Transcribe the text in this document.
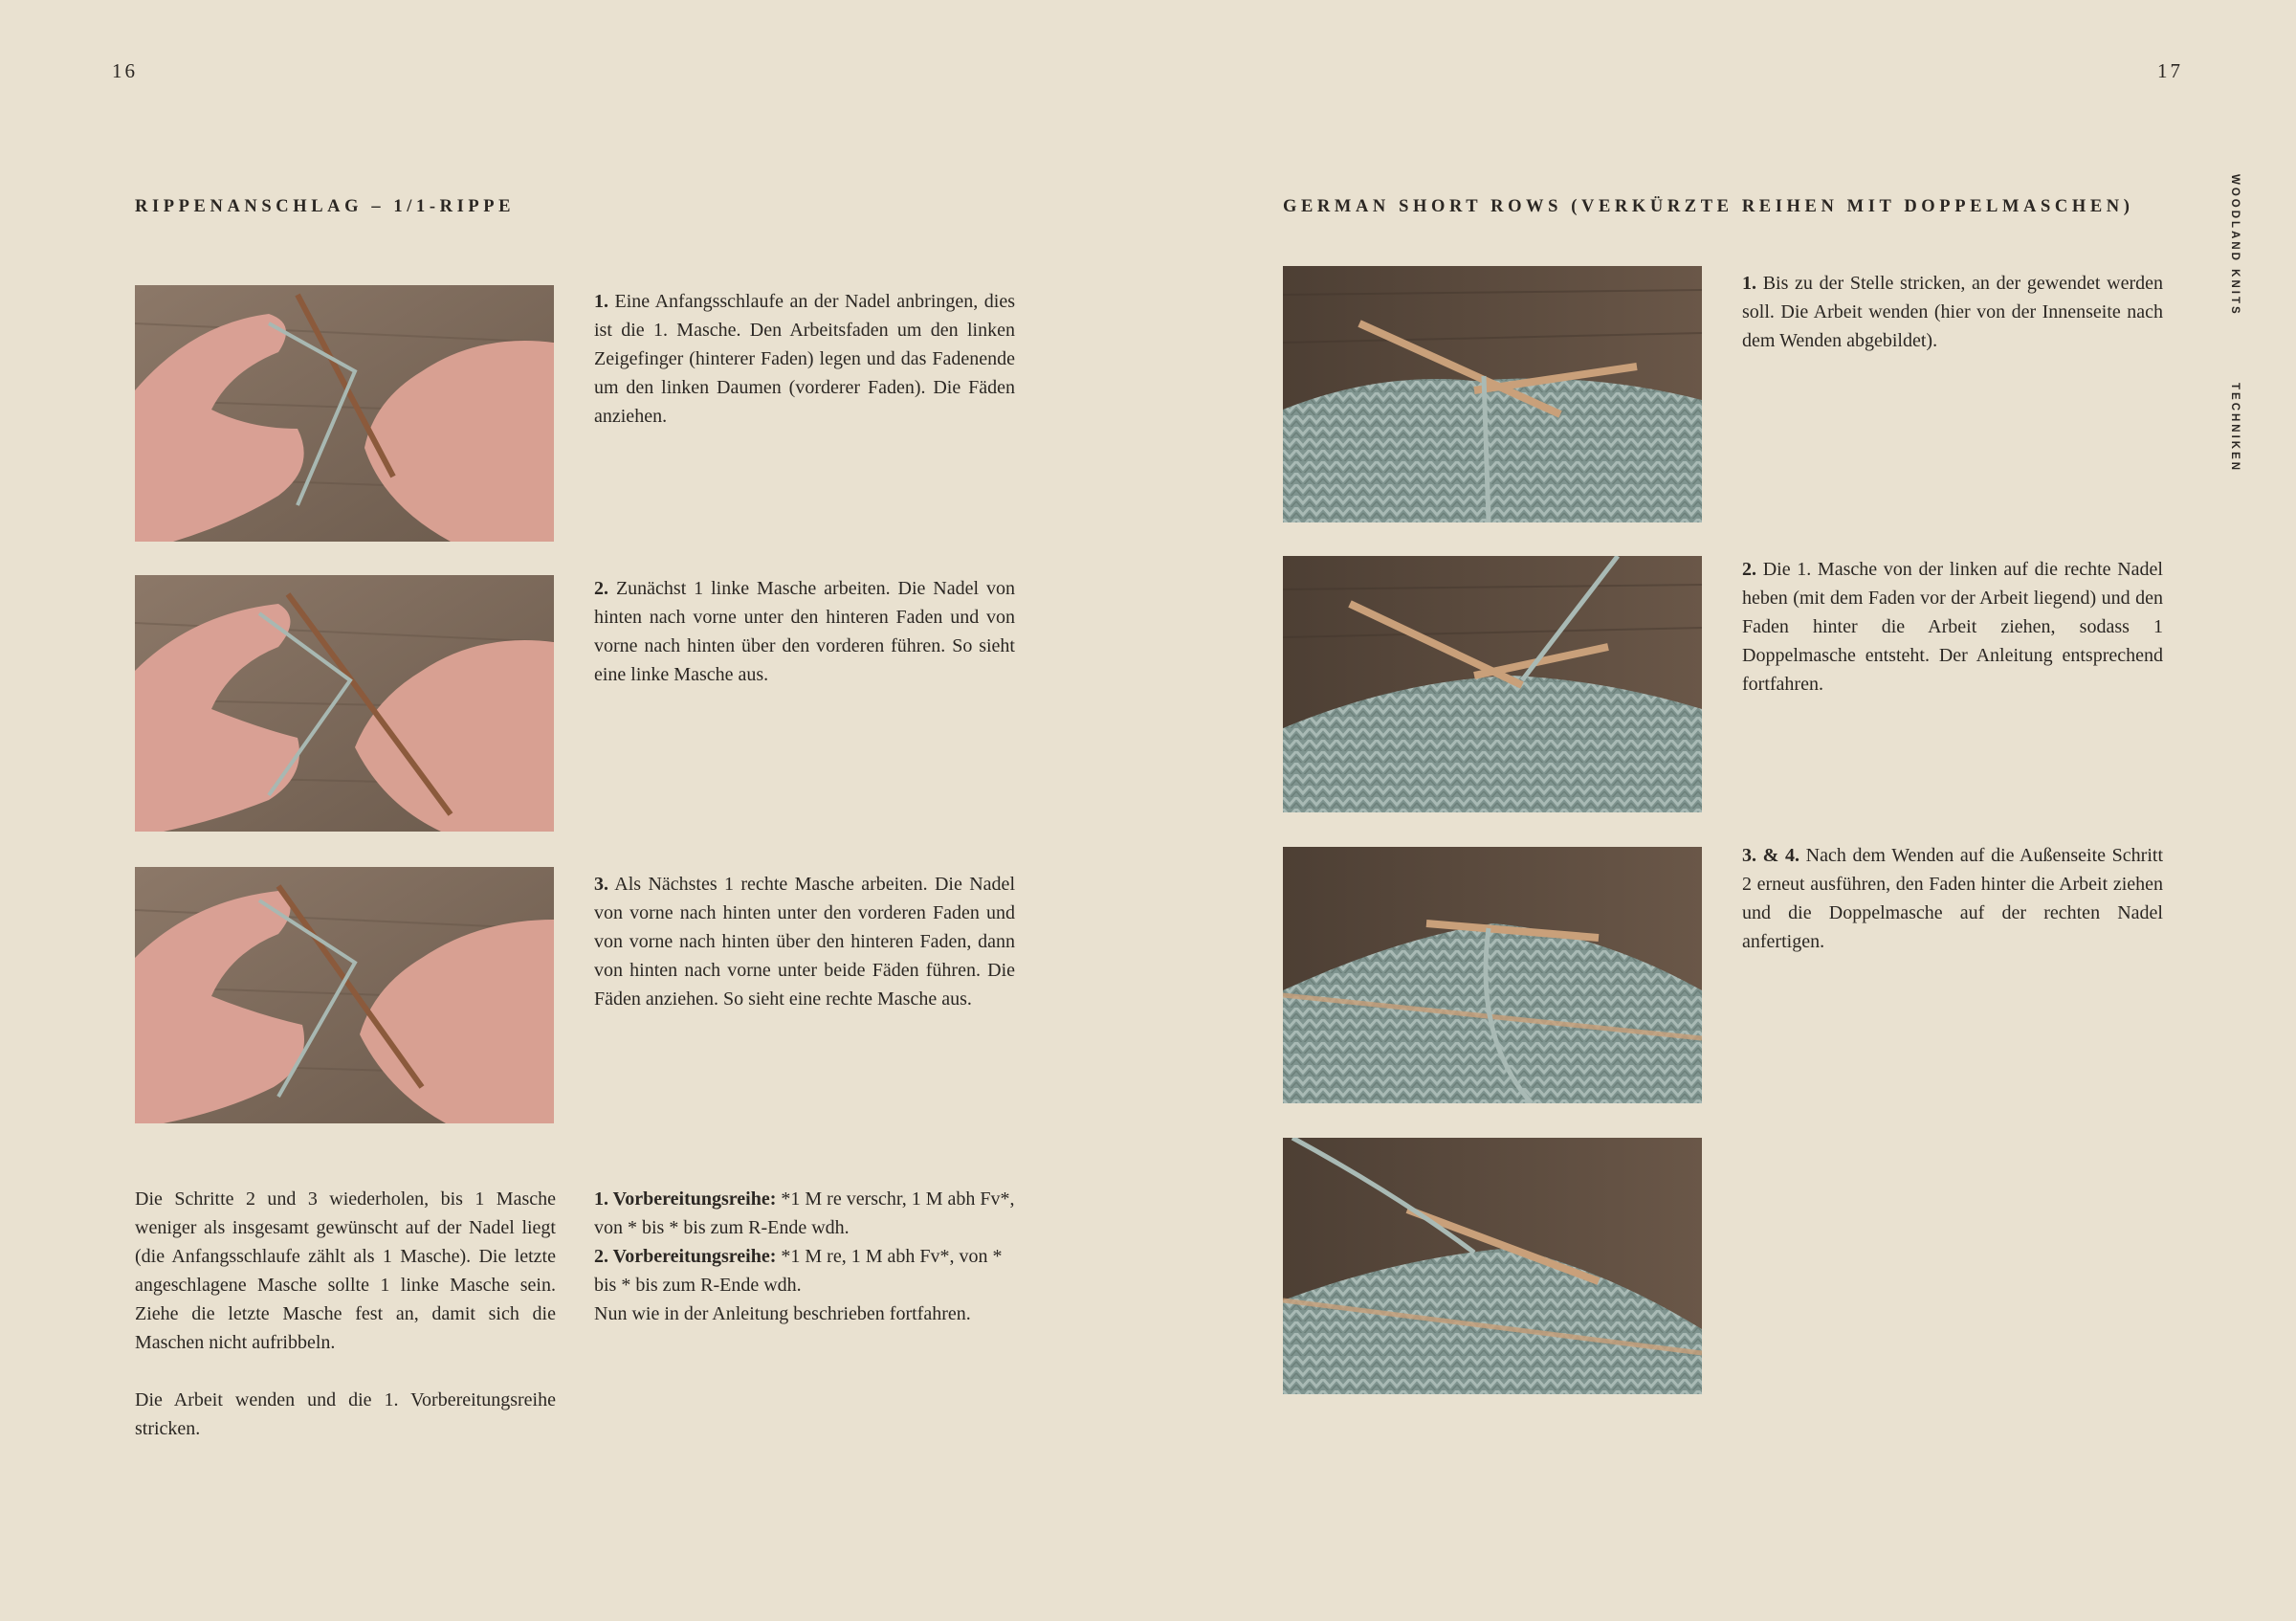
16	17
WOODLAND KNITS
TECHNIKEN
RIPPENANSCHLAG – 1/1-RIPPE	GERMAN SHORT ROWS (VERKÜRZTE REIHEN MIT DOPPELMASCHEN)

1. Eine Anfangsschlaufe an der Nadel anbringen, dies ist die 1. Masche. Den Arbeitsfaden um den linken Zeigefinger (hinterer Faden) legen und das Fadenende um den linken Daumen (vorderer Faden). Die Fäden anziehen.

2. Zunächst 1 linke Masche arbeiten. Die Nadel von hinten nach vorne unter den hinteren Faden und von vorne nach hinten über den vorderen führen. So sieht eine linke Masche aus.

3. Als Nächstes 1 rechte Masche arbeiten. Die Nadel von vorne nach hinten unter den vorderen Faden und von vorne nach hinten über den hinteren Faden, dann von hinten nach vorne unter beide Fäden führen. Die Fäden anziehen. So sieht eine rechte Masche aus.

Die Schritte 2 und 3 wiederholen, bis 1 Masche weniger als insgesamt gewünscht auf der Nadel liegt (die Anfangsschlaufe zählt als 1 Masche). Die letzte angeschlagene Masche sollte 1 linke Masche sein. Ziehe die letzte Masche fest an, damit sich die Maschen nicht aufribbeln.

Die Arbeit wenden und die 1. Vorbereitungsreihe stricken.

1. Vorbereitungsreihe: *1 M re verschr, 1 M abh Fv*, von * bis * bis zum R-Ende wdh.

2. Vorbereitungsreihe: *1 M re, 1 M abh Fv*, von * bis * bis zum R-Ende wdh.

Nun wie in der Anleitung beschrieben fortfahren.

1. Bis zu der Stelle stricken, an der gewendet werden soll. Die Arbeit wenden (hier von der Innenseite nach dem Wenden abgebildet).

2. Die 1. Masche von der linken auf die rechte Nadel heben (mit dem Faden vor der Arbeit liegend) und den Faden hinter die Arbeit ziehen, sodass 1 Doppelmasche entsteht. Der Anleitung entsprechend fortfahren.

3. & 4. Nach dem Wenden auf die Außenseite Schritt 2 erneut ausführen, den Faden hinter die Arbeit ziehen und die Doppelmasche auf der rechten Nadel anfertigen.
